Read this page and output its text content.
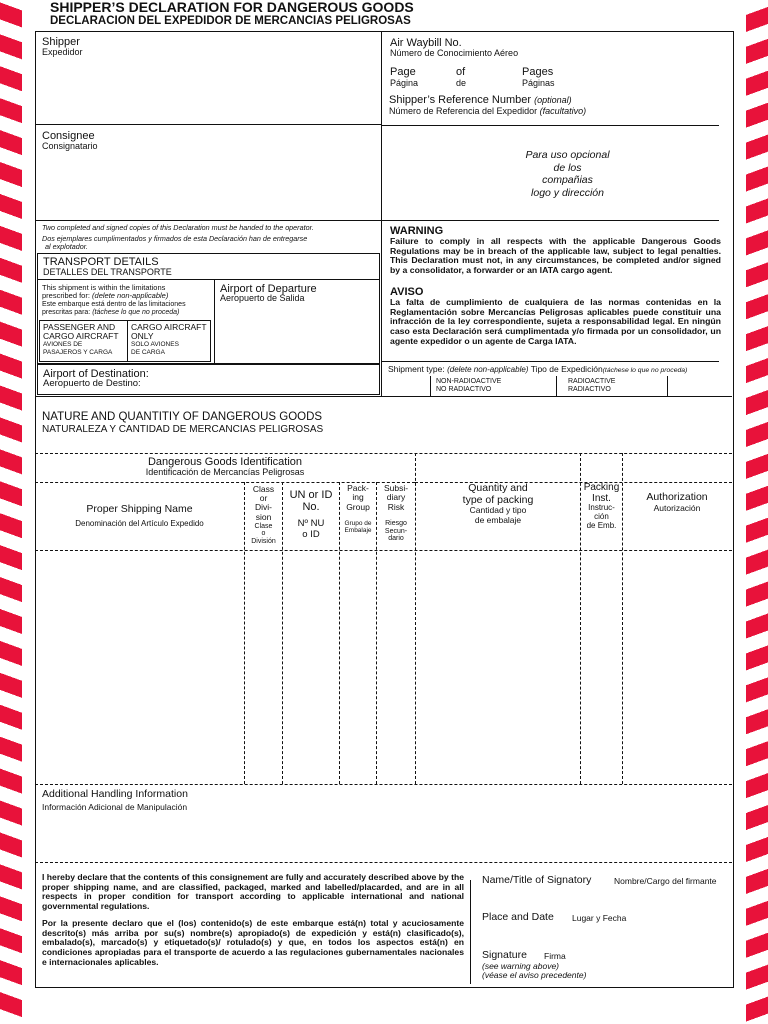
SHIPPER’S DECLARATION FOR DANGEROUS GOODS
DECLARACION DEL EXPEDIDOR DE MERCANCIAS PELIGROSAS
Shipper
Expedidor
Consignee
Consignatario
Air Waybill No.
Número de Conocimiento Aéreo
Page
Página
of
de
Pages
Páginas
Shipper’s Reference Number (optional)
Número de Referencia del Expedidor (facultativo)
Para uso opcional
de los
compañias
logo y dirección
Two completed and signed copies of this Declaration must be handed to the operator.
Dos ejemplares cumplimentados y firmados de esta Declaración han de entregarse
al explotador.
TRANSPORT DETAILS
DETALLES DEL TRANSPORTE
This shipment is within the limitations
prescribed for: (delete non-applicable)
Este embarque está dentro de las limitaciones
prescritas para: (táchese lo que no proceda)
PASSENGER AND
CARGO AIRCRAFT
AVIONES DE
PASAJEROS Y CARGA
CARGO AIRCRAFT
ONLY
SOLO AVIONES
DE CARGA
Airport of Departure
Aeropuerto de Salida
Airport of Destination:
Aeropuerto de Destino:
WARNING
Failure to comply in all respects with the applicable Dangerous Goods Regulations may be in breach of the applicable law, subject to legal penalties. This Declaration must not, in any circumstances, be completed and/or signed by a consolidator, a forwarder or an IATA cargo agent.
AVISO
La falta de cumplimiento de cualquiera de las normas contenidas en la Reglamentación sobre Mercancías Peligrosas aplicables puede constituir una infracción de la ley correspondiente, sujeta a responsabilidad legal. En ningún caso esta Declaración será cumplimentada y/o firmada por un consolidador, un agente expedidor o un agente de Carga IATA.
Shipment type: (delete non-applicable) Tipo de Expedición(táchese lo que no proceda)
NON-RADIOACTIVE
NO RADIACTIVO
RADIOACTIVE
RADIACTIVO
NATURE AND QUANTITIY OF DANGEROUS GOODS
NATURALEZA Y CANTIDAD DE MERCANCIAS PELIGROSAS
Dangerous Goods Identification
Identificación de Mercancías Peligrosas
Proper Shipping Name
Denominación del Artículo Expedido
Class
or
Divi-
sion
Clase
o
División
UN or ID
No.
Nº NU
o ID
Pack-
ing
Group
Grupo de
Embalaje
Subsi-
diary
Risk
Riesgo
Secun-
dario
Quantity and
type of packing
Cantidad y tipo
de embalaje
Packing
Inst.
Instruc-
ción
de Emb.
Authorization
Autorización
Additional Handling Information
Información Adicional de Manipulación
I hereby declare that the contents of this consignement are fully and accurately described above by the proper shipping name, and are classified, packaged, marked and labelled/placarded, and are in all respects in proper condition for transport according to applicable international and national governmental regulations.
Por la presente declaro que el (los) contenido(s) de este embarque está(n) total y acuciosamente descrito(s) más arriba por su(s) nombre(s) apropiado(s) de expedición y está(n) clasificado(s), embalado(s), marcado(s) y etiquetado(s)/ rotulado(s) y que, en todos los aspectos está(n) en condiciones apropiadas para el transporte de acuerdo a las regulaciones gubernamentales nacionales e internacionales aplicables.
Name/Title of Signatory	Nombre/Cargo del firmante
Place and Date Lugar y Fecha
Signature Firma
(see warning above)
(véase el aviso precedente)
